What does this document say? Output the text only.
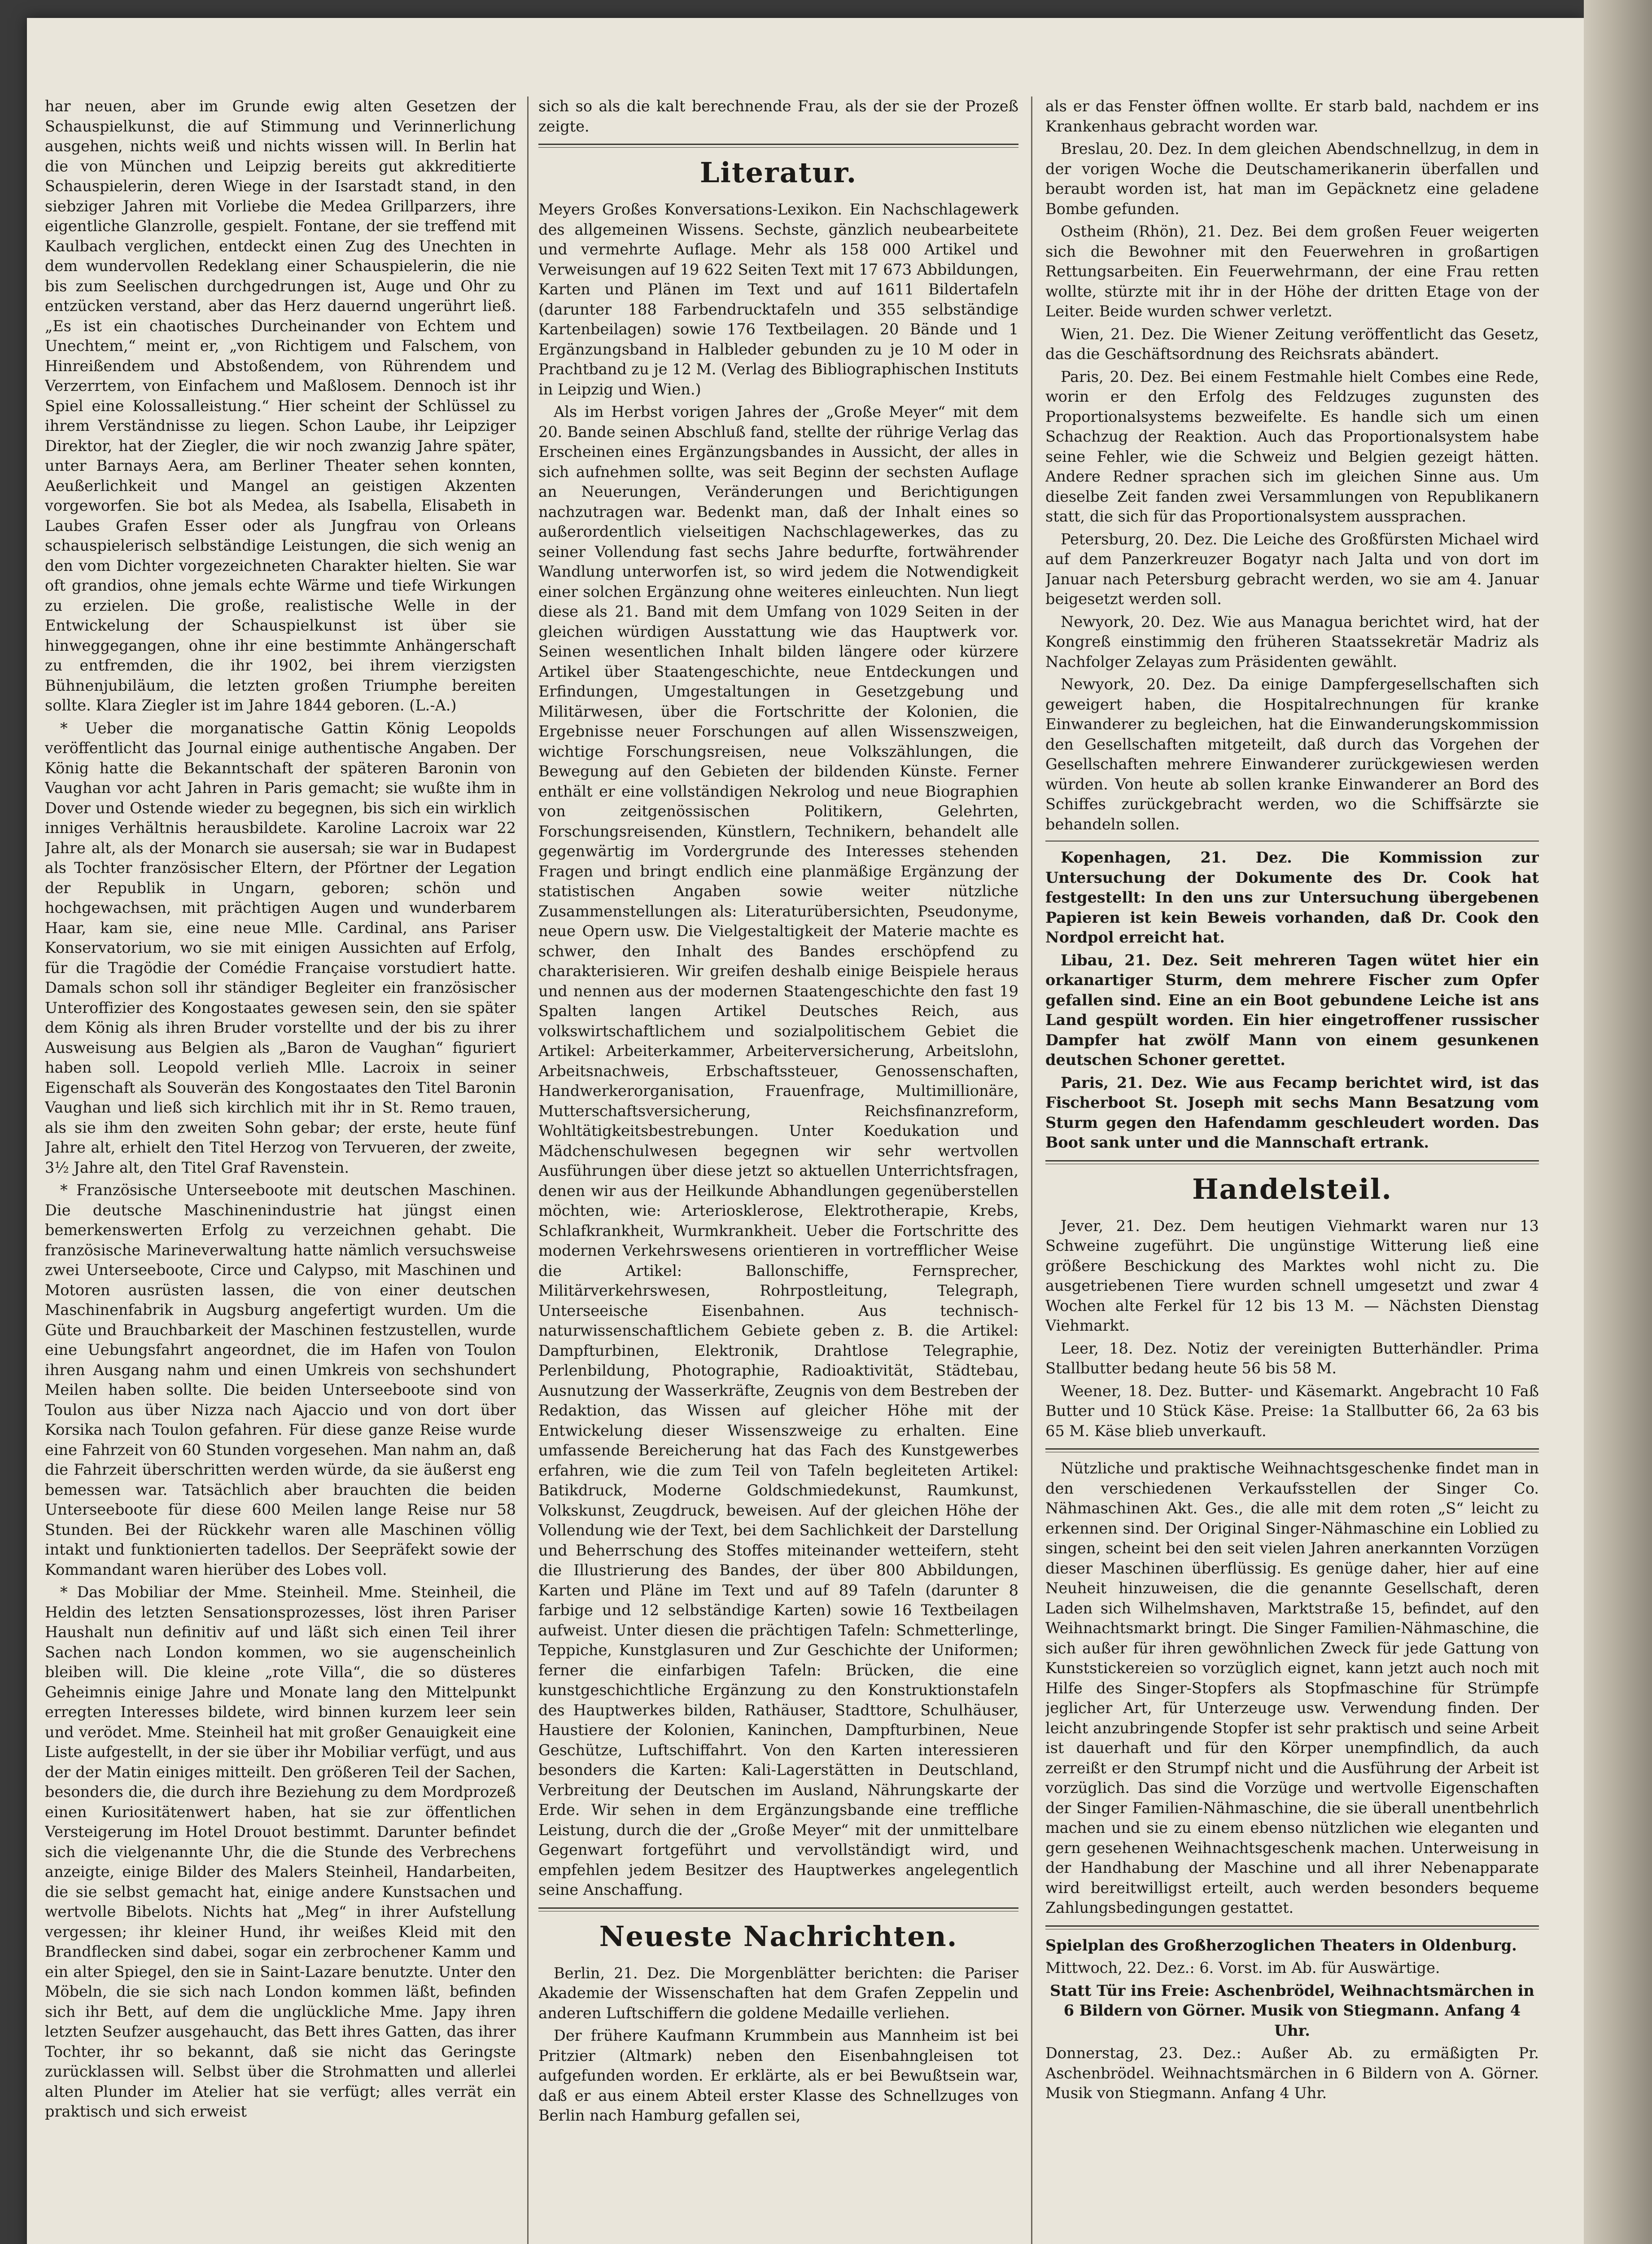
har neuen, aber im Grunde ewig alten Gesetzen der Schauspielkunst, die auf Stimmung und Verinnerlichung ausgehen, nichts weiß und nichts wissen will. In Berlin hat die von München und Leipzig bereits gut akkreditierte Schauspielerin, deren Wiege in der Isarstadt stand, in den siebziger Jahren mit Vorliebe die Medea Grillparzers, ihre eigentliche Glanzrolle, gespielt. Fontane, der sie treffend mit Kaulbach verglichen, entdeckt einen Zug des Unechten in dem wundervollen Redeklang einer Schauspielerin, die nie bis zum Seelischen durchgedrungen ist, Auge und Ohr zu entzücken verstand, aber das Herz dauernd ungerührt ließ. „Es ist ein chaotisches Durcheinander von Echtem und Unechtem,“ meint er, „von Richtigem und Falschem, von Hinreißendem und Abstoßendem, von Rührendem und Verzerrtem, von Einfachem und Maßlosem. Dennoch ist ihr Spiel eine Kolossalleistung.“ Hier scheint der Schlüssel zu ihrem Verständnisse zu liegen. Schon Laube, ihr Leipziger Direktor, hat der Ziegler, die wir noch zwanzig Jahre später, unter Barnays Aera, am Berliner Theater sehen konnten, Aeußerlichkeit und Mangel an geistigen Akzenten vorgeworfen. Sie bot als Medea, als Isabella, Elisabeth in Laubes Grafen Esser oder als Jungfrau von Orleans schauspielerisch selbständige Leistungen, die sich wenig an den vom Dichter vorgezeichneten Charakter hielten. Sie war oft grandios, ohne jemals echte Wärme und tiefe Wirkungen zu erzielen. Die große, realistische Welle in der Entwickelung der Schauspielkunst ist über sie hinweggegangen, ohne ihr eine bestimmte Anhängerschaft zu entfremden, die ihr 1902, bei ihrem vierzigsten Bühnenjubiläum, die letzten großen Triumphe bereiten sollte. Klara Ziegler ist im Jahre 1844 geboren. (L.-A.)

* Ueber die morganatische Gattin König Leopolds veröffentlicht das Journal einige authentische Angaben. Der König hatte die Bekanntschaft der späteren Baronin von Vaughan vor acht Jahren in Paris gemacht; sie wußte ihm in Dover und Ostende wieder zu begegnen, bis sich ein wirklich inniges Verhältnis herausbildete. Karoline Lacroix war 22 Jahre alt, als der Monarch sie ausersah; sie war in Budapest als Tochter französischer Eltern, der Pförtner der Legation der Republik in Ungarn, geboren; schön und hochgewachsen, mit prächtigen Augen und wunderbarem Haar, kam sie, eine neue Mlle. Cardinal, ans Pariser Konservatorium, wo sie mit einigen Aussichten auf Erfolg, für die Tragödie der Comédie Française vorstudiert hatte. Damals schon soll ihr ständiger Begleiter ein französischer Unteroffizier des Kongostaates gewesen sein, den sie später dem König als ihren Bruder vorstellte und der bis zu ihrer Ausweisung aus Belgien als „Baron de Vaughan“ figuriert haben soll. Leopold verlieh Mlle. Lacroix in seiner Eigenschaft als Souverän des Kongostaates den Titel Baronin Vaughan und ließ sich kirchlich mit ihr in St. Remo trauen, als sie ihm den zweiten Sohn gebar; der erste, heute fünf Jahre alt, erhielt den Titel Herzog von Tervueren, der zweite, 3½ Jahre alt, den Titel Graf Ravenstein.

* Französische Unterseeboote mit deutschen Maschinen. Die deutsche Maschinenindustrie hat jüngst einen bemerkenswerten Erfolg zu verzeichnen gehabt. Die französische Marineverwaltung hatte nämlich versuchsweise zwei Unterseeboote, Circe und Calypso, mit Maschinen und Motoren ausrüsten lassen, die von einer deutschen Maschinenfabrik in Augsburg angefertigt wurden. Um die Güte und Brauchbarkeit der Maschinen festzustellen, wurde eine Uebungsfahrt angeordnet, die im Hafen von Toulon ihren Ausgang nahm und einen Umkreis von sechshundert Meilen haben sollte. Die beiden Unterseeboote sind von Toulon aus über Nizza nach Ajaccio und von dort über Korsika nach Toulon gefahren. Für diese ganze Reise wurde eine Fahrzeit von 60 Stunden vorgesehen. Man nahm an, daß die Fahrzeit überschritten werden würde, da sie äußerst eng bemessen war. Tatsächlich aber brauchten die beiden Unterseeboote für diese 600 Meilen lange Reise nur 58 Stunden. Bei der Rückkehr waren alle Maschinen völlig intakt und funktionierten tadellos. Der Seepräfekt sowie der Kommandant waren hierüber des Lobes voll.

* Das Mobiliar der Mme. Steinheil. Mme. Steinheil, die Heldin des letzten Sensationsprozesses, löst ihren Pariser Haushalt nun definitiv auf und läßt sich einen Teil ihrer Sachen nach London kommen, wo sie augenscheinlich bleiben will. Die kleine „rote Villa“, die so düsteres Geheimnis einige Jahre und Monate lang den Mittelpunkt erregten Interesses bildete, wird binnen kurzem leer sein und verödet. Mme. Steinheil hat mit großer Genauigkeit eine Liste aufgestellt, in der sie über ihr Mobiliar verfügt, und aus der der Matin einiges mitteilt. Den größeren Teil der Sachen, besonders die, die durch ihre Beziehung zu dem Mordprozeß einen Kuriositätenwert haben, hat sie zur öffentlichen Versteigerung im Hotel Drouot bestimmt. Darunter befindet sich die vielgenannte Uhr, die die Stunde des Verbrechens anzeigte, einige Bilder des Malers Steinheil, Handarbeiten, die sie selbst gemacht hat, einige andere Kunstsachen und wertvolle Bibelots. Nichts hat „Meg“ in ihrer Aufstellung vergessen; ihr kleiner Hund, ihr weißes Kleid mit den Brandflecken sind dabei, sogar ein zerbrochener Kamm und ein alter Spiegel, den sie in Saint-Lazare benutzte. Unter den Möbeln, die sie sich nach London kommen läßt, befinden sich ihr Bett, auf dem die unglückliche Mme. Japy ihren letzten Seufzer ausgehaucht, das Bett ihres Gatten, das ihrer Tochter, ihr so bekannt, daß sie nicht das Geringste zurücklassen will. Selbst über die Strohmatten und allerlei alten Plunder im Atelier hat sie verfügt; alles verrät ein praktisch und sich erweist

sich so als die kalt berechnende Frau, als der sie der Prozeß zeigte.

Literatur.

Meyers Großes Konversations-Lexikon. Ein Nachschlagewerk des allgemeinen Wissens. Sechste, gänzlich neubearbeitete und vermehrte Auflage. Mehr als 158 000 Artikel und Verweisungen auf 19 622 Seiten Text mit 17 673 Abbildungen, Karten und Plänen im Text und auf 1611 Bildertafeln (darunter 188 Farbendrucktafeln und 355 selbständige Kartenbeilagen) sowie 176 Textbeilagen. 20 Bände und 1 Ergänzungsband in Halbleder gebunden zu je 10 M oder in Prachtband zu je 12 M. (Verlag des Bibliographischen Instituts in Leipzig und Wien.)

Als im Herbst vorigen Jahres der „Große Meyer“ mit dem 20. Bande seinen Abschluß fand, stellte der rührige Verlag das Erscheinen eines Ergänzungsbandes in Aussicht, der alles in sich aufnehmen sollte, was seit Beginn der sechsten Auflage an Neuerungen, Veränderungen und Berichtigungen nachzutragen war. Bedenkt man, daß der Inhalt eines so außerordentlich vielseitigen Nachschlagewerkes, das zu seiner Vollendung fast sechs Jahre bedurfte, fortwährender Wandlung unterworfen ist, so wird jedem die Notwendigkeit einer solchen Ergänzung ohne weiteres einleuchten. Nun liegt diese als 21. Band mit dem Umfang von 1029 Seiten in der gleichen würdigen Ausstattung wie das Hauptwerk vor. Seinen wesentlichen Inhalt bilden längere oder kürzere Artikel über Staatengeschichte, neue Entdeckungen und Erfindungen, Umgestaltungen in Gesetzgebung und Militärwesen, über die Fortschritte der Kolonien, die Ergebnisse neuer Forschungen auf allen Wissenszweigen, wichtige Forschungsreisen, neue Volkszählungen, die Bewegung auf den Gebieten der bildenden Künste. Ferner enthält er eine vollständigen Nekrolog und neue Biographien von zeitgenössischen Politikern, Gelehrten, Forschungsreisenden, Künstlern, Technikern, behandelt alle gegenwärtig im Vordergrunde des Interesses stehenden Fragen und bringt endlich eine planmäßige Ergänzung der statistischen Angaben sowie weiter nützliche Zusammenstellungen als: Literaturübersichten, Pseudonyme, neue Opern usw. Die Vielgestaltigkeit der Materie machte es schwer, den Inhalt des Bandes erschöpfend zu charakterisieren. Wir greifen deshalb einige Beispiele heraus und nennen aus der modernen Staatengeschichte den fast 19 Spalten langen Artikel Deutsches Reich, aus volkswirtschaftlichem und sozialpolitischem Gebiet die Artikel: Arbeiterkammer, Arbeiterversicherung, Arbeitslohn, Arbeitsnachweis, Erbschaftssteuer, Genossenschaften, Handwerkerorganisation, Frauenfrage, Multimillionäre, Mutterschaftsversicherung, Reichsfinanzreform, Wohltätigkeitsbestrebungen. Unter Koedukation und Mädchenschulwesen begegnen wir sehr wertvollen Ausführungen über diese jetzt so aktuellen Unterrichtsfragen, denen wir aus der Heilkunde Abhandlungen gegenüberstellen möchten, wie: Arteriosklerose, Elektrotherapie, Krebs, Schlafkrankheit, Wurmkrankheit. Ueber die Fortschritte des modernen Verkehrswesens orientieren in vortrefflicher Weise die Artikel: Ballonschiffe, Fernsprecher, Militärverkehrswesen, Rohrpostleitung, Telegraph, Unterseeische Eisenbahnen. Aus technisch-naturwissenschaftlichem Gebiete geben z. B. die Artikel: Dampfturbinen, Elektronik, Drahtlose Telegraphie, Perlenbildung, Photographie, Radioaktivität, Städtebau, Ausnutzung der Wasserkräfte, Zeugnis von dem Bestreben der Redaktion, das Wissen auf gleicher Höhe mit der Entwickelung dieser Wissenszweige zu erhalten. Eine umfassende Bereicherung hat das Fach des Kunstgewerbes erfahren, wie die zum Teil von Tafeln begleiteten Artikel: Batikdruck, Moderne Goldschmiedekunst, Raumkunst, Volkskunst, Zeugdruck, beweisen. Auf der gleichen Höhe der Vollendung wie der Text, bei dem Sachlichkeit der Darstellung und Beherrschung des Stoffes miteinander wetteifern, steht die Illustrierung des Bandes, der über 800 Abbildungen, Karten und Pläne im Text und auf 89 Tafeln (darunter 8 farbige und 12 selbständige Karten) sowie 16 Textbeilagen aufweist. Unter diesen die prächtigen Tafeln: Schmetterlinge, Teppiche, Kunstglasuren und Zur Geschichte der Uniformen; ferner die einfarbigen Tafeln: Brücken, die eine kunstgeschichtliche Ergänzung zu den Konstruktionstafeln des Hauptwerkes bilden, Rathäuser, Stadttore, Schulhäuser, Haustiere der Kolonien, Kaninchen, Dampfturbinen, Neue Geschütze, Luftschiffahrt. Von den Karten interessieren besonders die Karten: Kali-Lagerstätten in Deutschland, Verbreitung der Deutschen im Ausland, Nährungskarte der Erde. Wir sehen in dem Ergänzungsbande eine treffliche Leistung, durch die der „Große Meyer“ mit der unmittelbare Gegenwart fortgeführt und vervollständigt wird, und empfehlen jedem Besitzer des Hauptwerkes angelegentlich seine Anschaffung.

Neueste Nachrichten.

Berlin, 21. Dez. Die Morgenblätter berichten: die Pariser Akademie der Wissenschaften hat dem Grafen Zeppelin und anderen Luftschiffern die goldene Medaille verliehen.

Der frühere Kaufmann Krummbein aus Mannheim ist bei Pritzier (Altmark) neben den Eisenbahngleisen tot aufgefunden worden. Er erklärte, als er bei Bewußtsein war, daß er aus einem Abteil erster Klasse des Schnellzuges von Berlin nach Hamburg gefallen sei,

als er das Fenster öffnen wollte. Er starb bald, nachdem er ins Krankenhaus gebracht worden war.

Breslau, 20. Dez. In dem gleichen Abendschnellzug, in dem in der vorigen Woche die Deutschamerikanerin überfallen und beraubt worden ist, hat man im Gepäcknetz eine geladene Bombe gefunden.

Ostheim (Rhön), 21. Dez. Bei dem großen Feuer weigerten sich die Bewohner mit den Feuerwehren in großartigen Rettungsarbeiten. Ein Feuerwehrmann, der eine Frau retten wollte, stürzte mit ihr in der Höhe der dritten Etage von der Leiter. Beide wurden schwer verletzt.

Wien, 21. Dez. Die Wiener Zeitung veröffentlicht das Gesetz, das die Geschäftsordnung des Reichsrats abändert.

Paris, 20. Dez. Bei einem Festmahle hielt Combes eine Rede, worin er den Erfolg des Feldzuges zugunsten des Proportionalsystems bezweifelte. Es handle sich um einen Schachzug der Reaktion. Auch das Proportionalsystem habe seine Fehler, wie die Schweiz und Belgien gezeigt hätten. Andere Redner sprachen sich im gleichen Sinne aus. Um dieselbe Zeit fanden zwei Versammlungen von Republikanern statt, die sich für das Proportionalsystem aussprachen.

Petersburg, 20. Dez. Die Leiche des Großfürsten Michael wird auf dem Panzerkreuzer Bogatyr nach Jalta und von dort im Januar nach Petersburg gebracht werden, wo sie am 4. Januar beigesetzt werden soll.

Newyork, 20. Dez. Wie aus Managua berichtet wird, hat der Kongreß einstimmig den früheren Staatssekretär Madriz als Nachfolger Zelayas zum Präsidenten gewählt.

Newyork, 20. Dez. Da einige Dampfergesellschaften sich geweigert haben, die Hospitalrechnungen für kranke Einwanderer zu begleichen, hat die Einwanderungskommission den Gesellschaften mitgeteilt, daß durch das Vorgehen der Gesellschaften mehrere Einwanderer zurückgewiesen werden würden. Von heute ab sollen kranke Einwanderer an Bord des Schiffes zurückgebracht werden, wo die Schiffsärzte sie behandeln sollen.

Kopenhagen, 21. Dez. Die Kommission zur Untersuchung der Dokumente des Dr. Cook hat festgestellt: In den uns zur Untersuchung übergebenen Papieren ist kein Beweis vorhanden, daß Dr. Cook den Nordpol erreicht hat.

Libau, 21. Dez. Seit mehreren Tagen wütet hier ein orkanartiger Sturm, dem mehrere Fischer zum Opfer gefallen sind. Eine an ein Boot gebundene Leiche ist ans Land gespült worden. Ein hier eingetroffener russischer Dampfer hat zwölf Mann von einem gesunkenen deutschen Schoner gerettet.

Paris, 21. Dez. Wie aus Fecamp berichtet wird, ist das Fischerboot St. Joseph mit sechs Mann Besatzung vom Sturm gegen den Hafendamm geschleudert worden. Das Boot sank unter und die Mannschaft ertrank.

Handelsteil.

Jever, 21. Dez. Dem heutigen Viehmarkt waren nur 13 Schweine zugeführt. Die ungünstige Witterung ließ eine größere Beschickung des Marktes wohl nicht zu. Die ausgetriebenen Tiere wurden schnell umgesetzt und zwar 4 Wochen alte Ferkel für 12 bis 13 M. — Nächsten Dienstag Viehmarkt.

Leer, 18. Dez. Notiz der vereinigten Butterhändler. Prima Stallbutter bedang heute 56 bis 58 M.

Weener, 18. Dez. Butter- und Käsemarkt. Angebracht 10 Faß Butter und 10 Stück Käse. Preise: 1a Stallbutter 66, 2a 63 bis 65 M. Käse blieb unverkauft.

Nützliche und praktische Weihnachtsgeschenke findet man in den verschiedenen Verkaufsstellen der Singer Co. Nähmaschinen Akt. Ges., die alle mit dem roten „S“ leicht zu erkennen sind. Der Original Singer-Nähmaschine ein Loblied zu singen, scheint bei den seit vielen Jahren anerkannten Vorzügen dieser Maschinen überflüssig. Es genüge daher, hier auf eine Neuheit hinzuweisen, die die genannte Gesellschaft, deren Laden sich Wilhelmshaven, Marktstraße 15, befindet, auf den Weihnachtsmarkt bringt. Die Singer Familien-Nähmaschine, die sich außer für ihren gewöhnlichen Zweck für jede Gattung von Kunststickereien so vorzüglich eignet, kann jetzt auch noch mit Hilfe des Singer-Stopfers als Stopfmaschine für Strümpfe jeglicher Art, für Unterzeuge usw. Verwendung finden. Der leicht anzubringende Stopfer ist sehr praktisch und seine Arbeit ist dauerhaft und für den Körper unempfindlich, da auch zerreißt er den Strumpf nicht und die Ausführung der Arbeit ist vorzüglich. Das sind die Vorzüge und wertvolle Eigenschaften der Singer Familien-Nähmaschine, die sie überall unentbehrlich machen und sie zu einem ebenso nützlichen wie eleganten und gern gesehenen Weihnachtsgeschenk machen. Unterweisung in der Handhabung der Maschine und all ihrer Nebenapparate wird bereitwilligst erteilt, auch werden besonders bequeme Zahlungsbedingungen gestattet.

Spielplan des Großherzoglichen Theaters in Oldenburg.

Mittwoch, 22. Dez.: 6. Vorst. im Ab. für Auswärtige.

Statt Tür ins Freie: Aschenbrödel, Weihnachtsmärchen in 6 Bildern von Görner. Musik von Stiegmann. Anfang 4 Uhr.

Donnerstag, 23. Dez.: Außer Ab. zu ermäßigten Pr. Aschenbrödel. Weihnachtsmärchen in 6 Bildern von A. Görner. Musik von Stiegmann. Anfang 4 Uhr.
